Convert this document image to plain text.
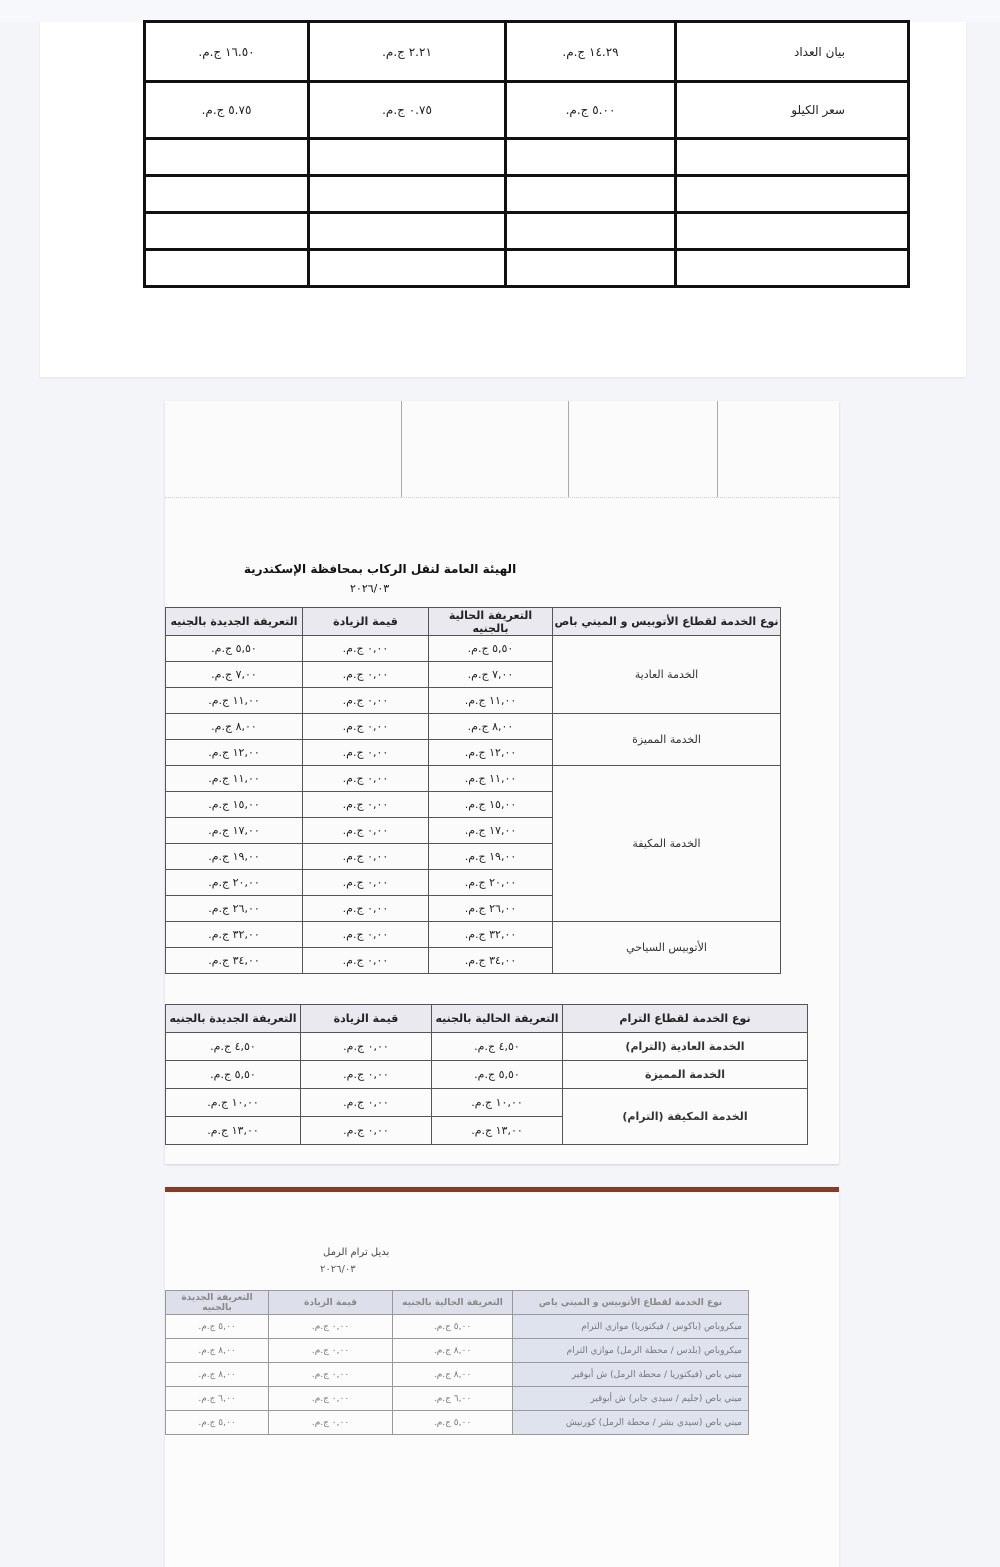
بيان العداد	١٤.٢٩ ج.م.	٢.٢١ ج.م.	١٦.٥٠ ج.م.
سعر الكيلو	٥.٠٠ ج.م.	٠.٧٥ ج.م.	٥.٧٥ ج.م.

الهيئة العامة لنقل الركاب بمحافظة الإسكندرية
٢٠٢٦/٠٣
نوع الخدمة لقطاع الأتوبيس و الميني باص	التعريفة الحالية بالجنيه	قيمة الزيادة	التعريفة الجديدة بالجنيه
الخدمة العادية	٥,٥٠ ج.م.	٠,٠٠ ج.م.	٥,٥٠ ج.م.
	٧,٠٠ ج.م.	٠,٠٠ ج.م.	٧,٠٠ ج.م.
	١١,٠٠ ج.م.	٠,٠٠ ج.م.	١١,٠٠ ج.م.
الخدمة المميزة	٨,٠٠ ج.م.	٠,٠٠ ج.م.	٨,٠٠ ج.م.
	١٢,٠٠ ج.م.	٠,٠٠ ج.م.	١٢,٠٠ ج.م.
الخدمة المكيفة	١١,٠٠ ج.م.	٠,٠٠ ج.م.	١١,٠٠ ج.م.
	١٥,٠٠ ج.م.	٠,٠٠ ج.م.	١٥,٠٠ ج.م.
	١٧,٠٠ ج.م.	٠,٠٠ ج.م.	١٧,٠٠ ج.م.
	١٩,٠٠ ج.م.	٠,٠٠ ج.م.	١٩,٠٠ ج.م.
	٢٠,٠٠ ج.م.	٠,٠٠ ج.م.	٢٠,٠٠ ج.م.
	٢٦,٠٠ ج.م.	٠,٠٠ ج.م.	٢٦,٠٠ ج.م.
الأتوبيس السياحي	٣٢,٠٠ ج.م.	٠,٠٠ ج.م.	٣٢,٠٠ ج.م.
	٣٤,٠٠ ج.م.	٠,٠٠ ج.م.	٣٤,٠٠ ج.م.
نوع الخدمة لقطاع الترام	التعريفة الحالية بالجنيه	قيمة الزيادة	التعريفة الجديدة بالجنيه
الخدمة العادية (الترام)	٤,٥٠ ج.م.	٠,٠٠ ج.م.	٤,٥٠ ج.م.
الخدمة المميزة	٥,٥٠ ج.م.	٠,٠٠ ج.م.	٥,٥٠ ج.م.
الخدمة المكيفة (الترام)	١٠,٠٠ ج.م.	٠,٠٠ ج.م.	١٠,٠٠ ج.م.
	١٣,٠٠ ج.م.	٠,٠٠ ج.م.	١٣,٠٠ ج.م.
بديل ترام الرمل
٢٠٢٦/٠٣
نوع الخدمة لقطاع الأتوبيس و الميني باص	التعريفة الحالية بالجنيه	قيمة الزيادة	التعريفة الجديدة بالجنيه
ميكروباص (باكوس / فيكتوريا) موازي الترام	٥,٠٠ ج.م.	٠,٠٠ ج.م.	٥,٠٠ ج.م.
ميكروباص (بلدس / محطة الرمل) موازي الترام	٨,٠٠ ج.م.	٠,٠٠ ج.م.	٨,٠٠ ج.م.
ميني باص (فيكتوريا / محطة الرمل) ش أبوقير	٨,٠٠ ج.م.	٠,٠٠ ج.م.	٨,٠٠ ج.م.
ميني باص (جليم / سيدي جابر) ش أبوقير	٦,٠٠ ج.م.	٠,٠٠ ج.م.	٦,٠٠ ج.م.
ميني باص (سيدي بشر / محطة الرمل) كورنيش	٥,٠٠ ج.م.	٠,٠٠ ج.م.	٥,٠٠ ج.م.
